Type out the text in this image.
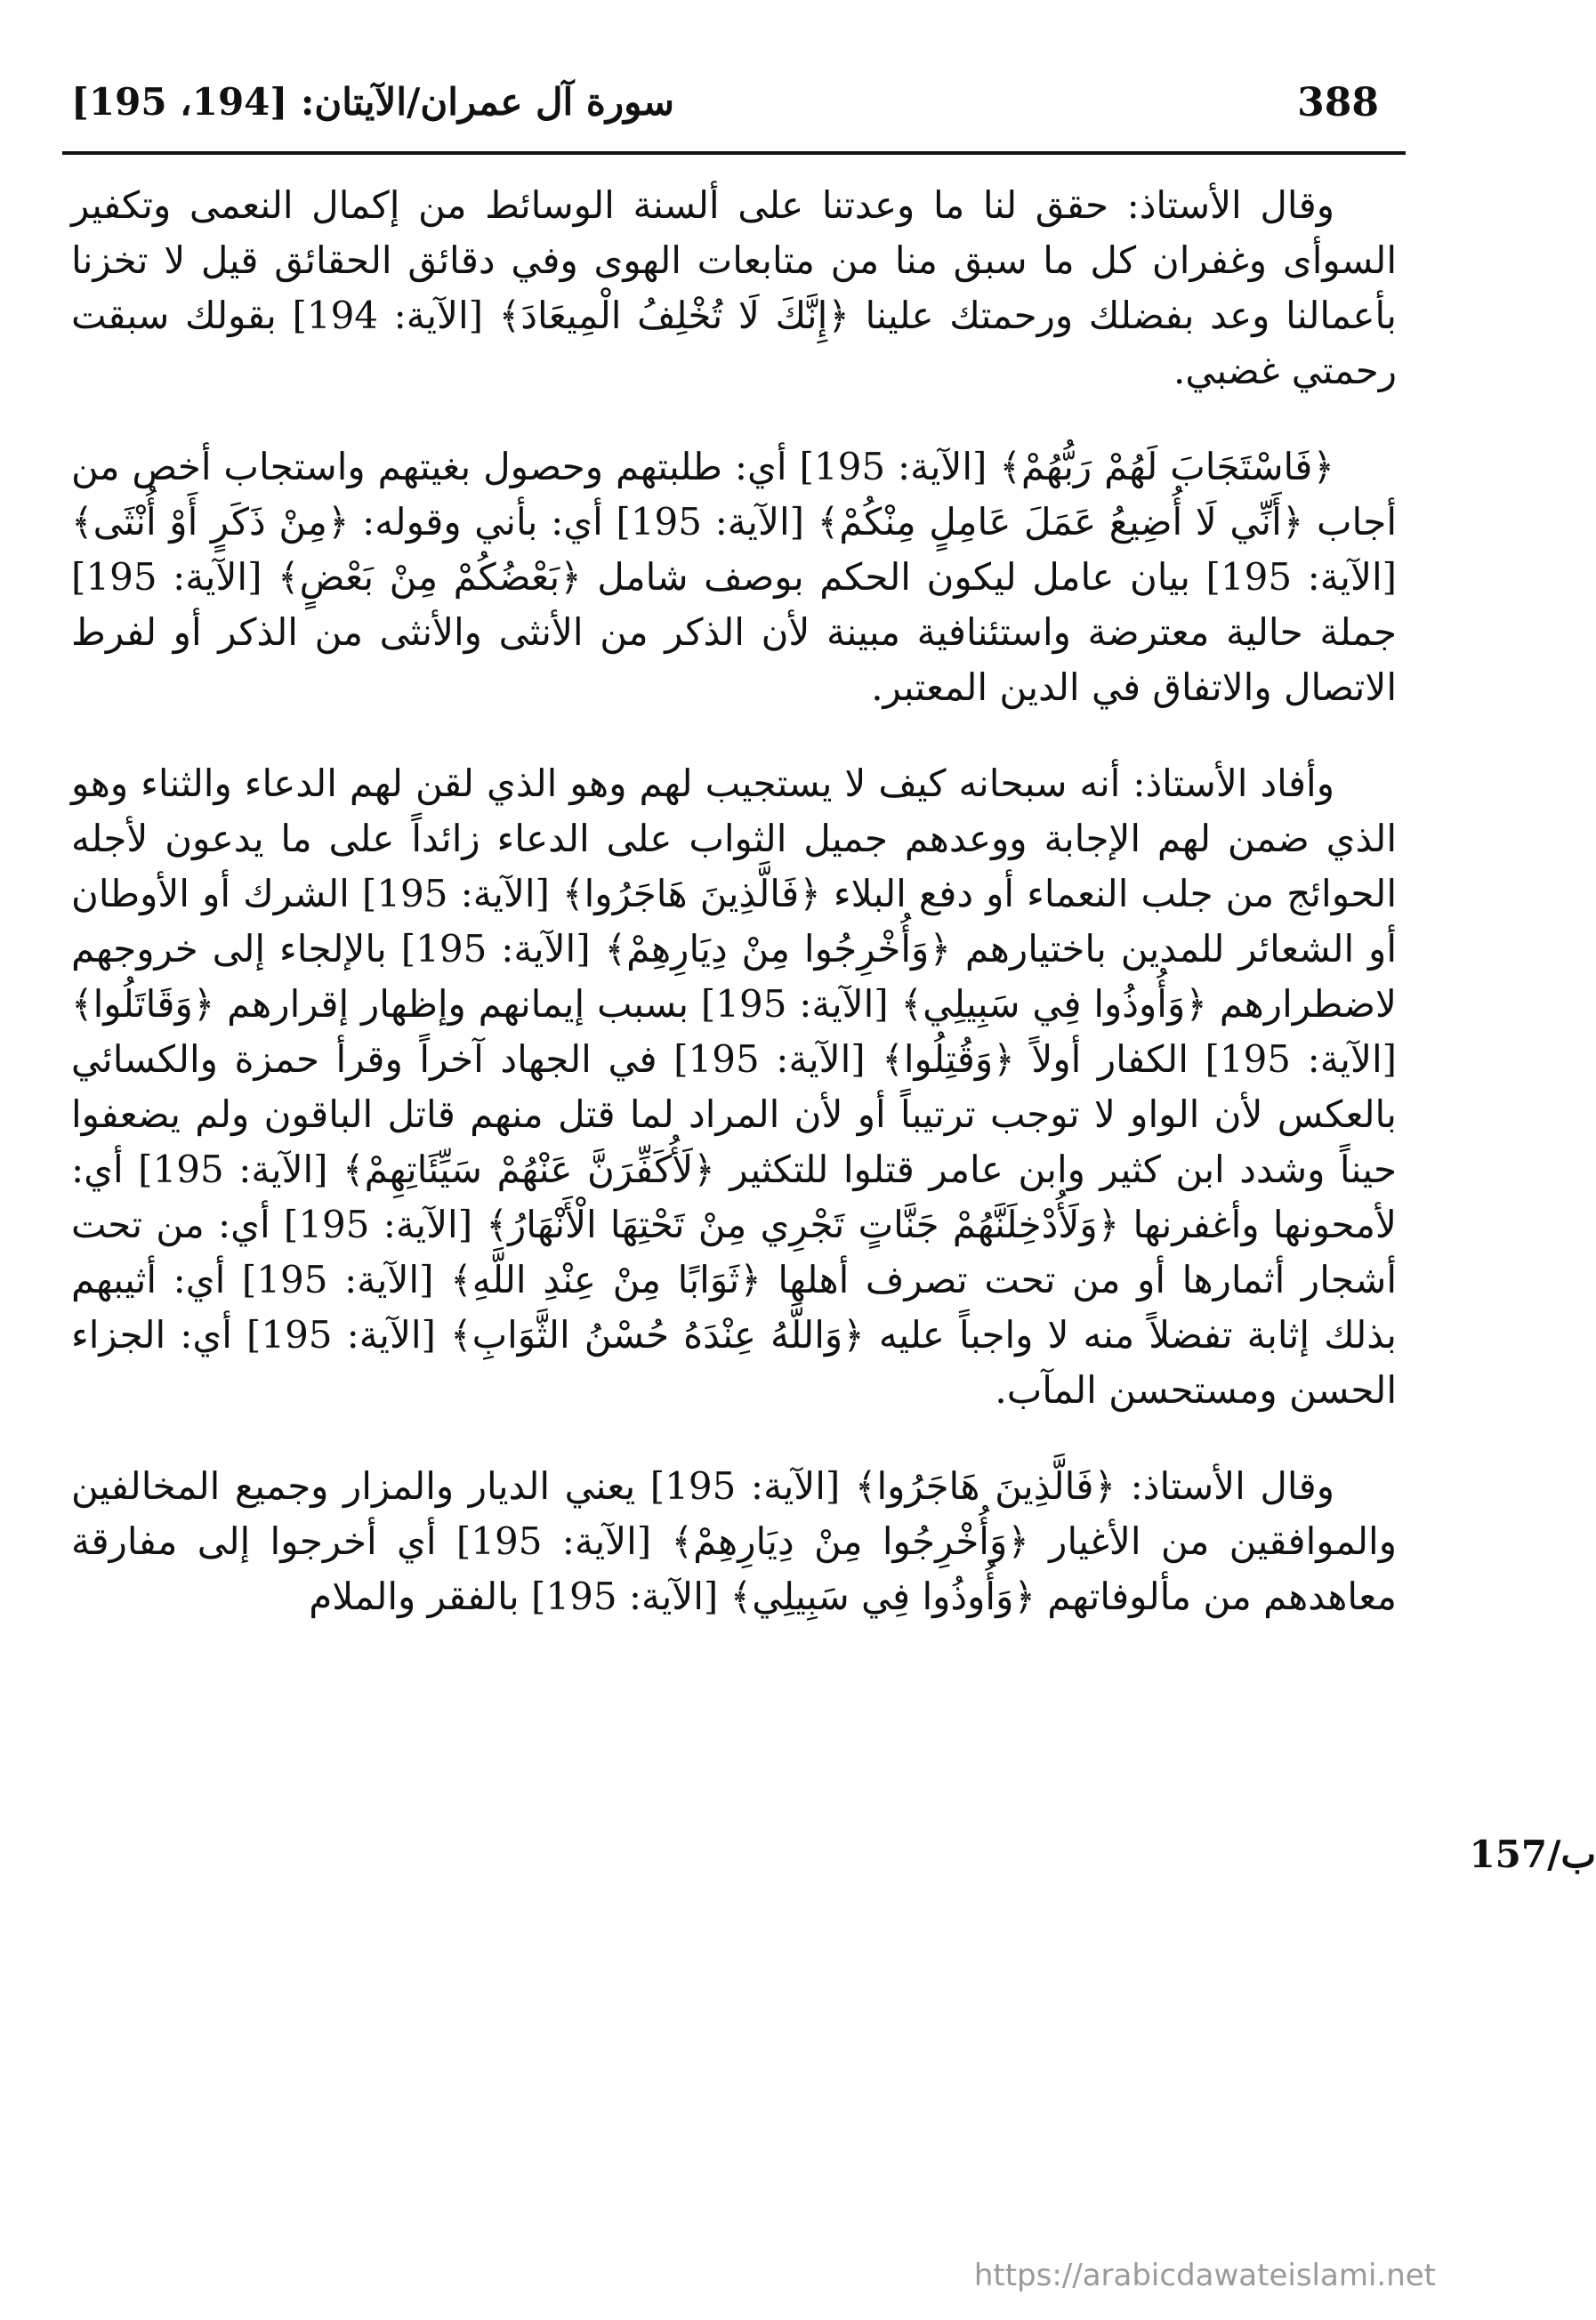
388
سورة آل عمران/الآيتان: [194، 195]

وقال الأستاذ: حقق لنا ما وعدتنا على ألسنة الوسائط من إكمال النعمى وتكفير السوأى وغفران كل ما سبق منا من متابعات الهوى وفي دقائق الحقائق قيل لا تخزنا بأعمالنا وعد بفضلك ورحمتك علينا ﴿إِنَّكَ لَا تُخْلِفُ الْمِيعَادَ﴾ [الآية: 194] بقولك سبقت رحمتي غضبي.

﴿فَاسْتَجَابَ لَهُمْ رَبُّهُمْ﴾ [الآية: 195] أي: طلبتهم وحصول بغيتهم واستجاب أخص من أجاب ﴿أَنِّي لَا أُضِيعُ عَمَلَ عَامِلٍ مِنْكُمْ﴾ [الآية: 195] أي: بأني وقوله: ﴿مِنْ ذَكَرٍ أَوْ أُنْثَى﴾ [الآية: 195] بيان عامل ليكون الحكم بوصف شامل ﴿بَعْضُكُمْ مِنْ بَعْضٍ﴾ [الآية: 195] جملة حالية معترضة واستئنافية مبينة لأن الذكر من الأنثى والأنثى من الذكر أو لفرط الاتصال والاتفاق في الدين المعتبر.

وأفاد الأستاذ: أنه سبحانه كيف لا يستجيب لهم وهو الذي لقن لهم الدعاء والثناء وهو الذي ضمن لهم الإجابة ووعدهم جميل الثواب على الدعاء زائداً على ما يدعون لأجله الحوائج من جلب النعماء أو دفع البلاء ﴿فَالَّذِينَ هَاجَرُوا﴾ [الآية: 195] الشرك أو الأوطان أو الشعائر للمدين باختيارهم ﴿وَأُخْرِجُوا مِنْ دِيَارِهِمْ﴾ [الآية: 195] بالإلجاء إلى خروجهم لاضطرارهم ﴿وَأُوذُوا فِي سَبِيلِي﴾ [الآية: 195] بسبب إيمانهم وإظهار إقرارهم ﴿وَقَاتَلُوا﴾ [الآية: 195] الكفار أولاً ﴿وَقُتِلُوا﴾ [الآية: 195] في الجهاد آخراً وقرأ حمزة والكسائي بالعكس لأن الواو لا توجب ترتيباً أو لأن المراد لما قتل منهم قاتل الباقون ولم يضعفوا حيناً وشدد ابن كثير وابن عامر قتلوا للتكثير ﴿لَأُكَفِّرَنَّ عَنْهُمْ سَيِّئَاتِهِمْ﴾ [الآية: 195] أي: لأمحونها وأغفرنها ﴿وَلَأُدْخِلَنَّهُمْ جَنَّاتٍ تَجْرِي مِنْ تَحْتِهَا الْأَنْهَارُ﴾ [الآية: 195] أي: من تحت أشجار أثمارها أو من تحت تصرف أهلها ﴿ثَوَابًا مِنْ عِنْدِ اللَّهِ﴾ [الآية: 195] أي: أثيبهم بذلك إثابة تفضلاً منه لا واجباً عليه ﴿وَاللَّهُ عِنْدَهُ حُسْنُ الثَّوَابِ﴾ [الآية: 195] أي: الجزاء الحسن ومستحسن المآب.

وقال الأستاذ: ﴿فَالَّذِينَ هَاجَرُوا﴾ [الآية: 195] يعني الديار والمزار وجميع المخالفين والموافقين من الأغيار ﴿وَأُخْرِجُوا مِنْ دِيَارِهِمْ﴾ [الآية: 195] أي أخرجوا إلى مفارقة معاهدهم من مألوفاتهم ﴿وَأُوذُوا فِي سَبِيلِي﴾ [الآية: 195] بالفقر والملام

157/ب
https://arabicdawateislami.net
